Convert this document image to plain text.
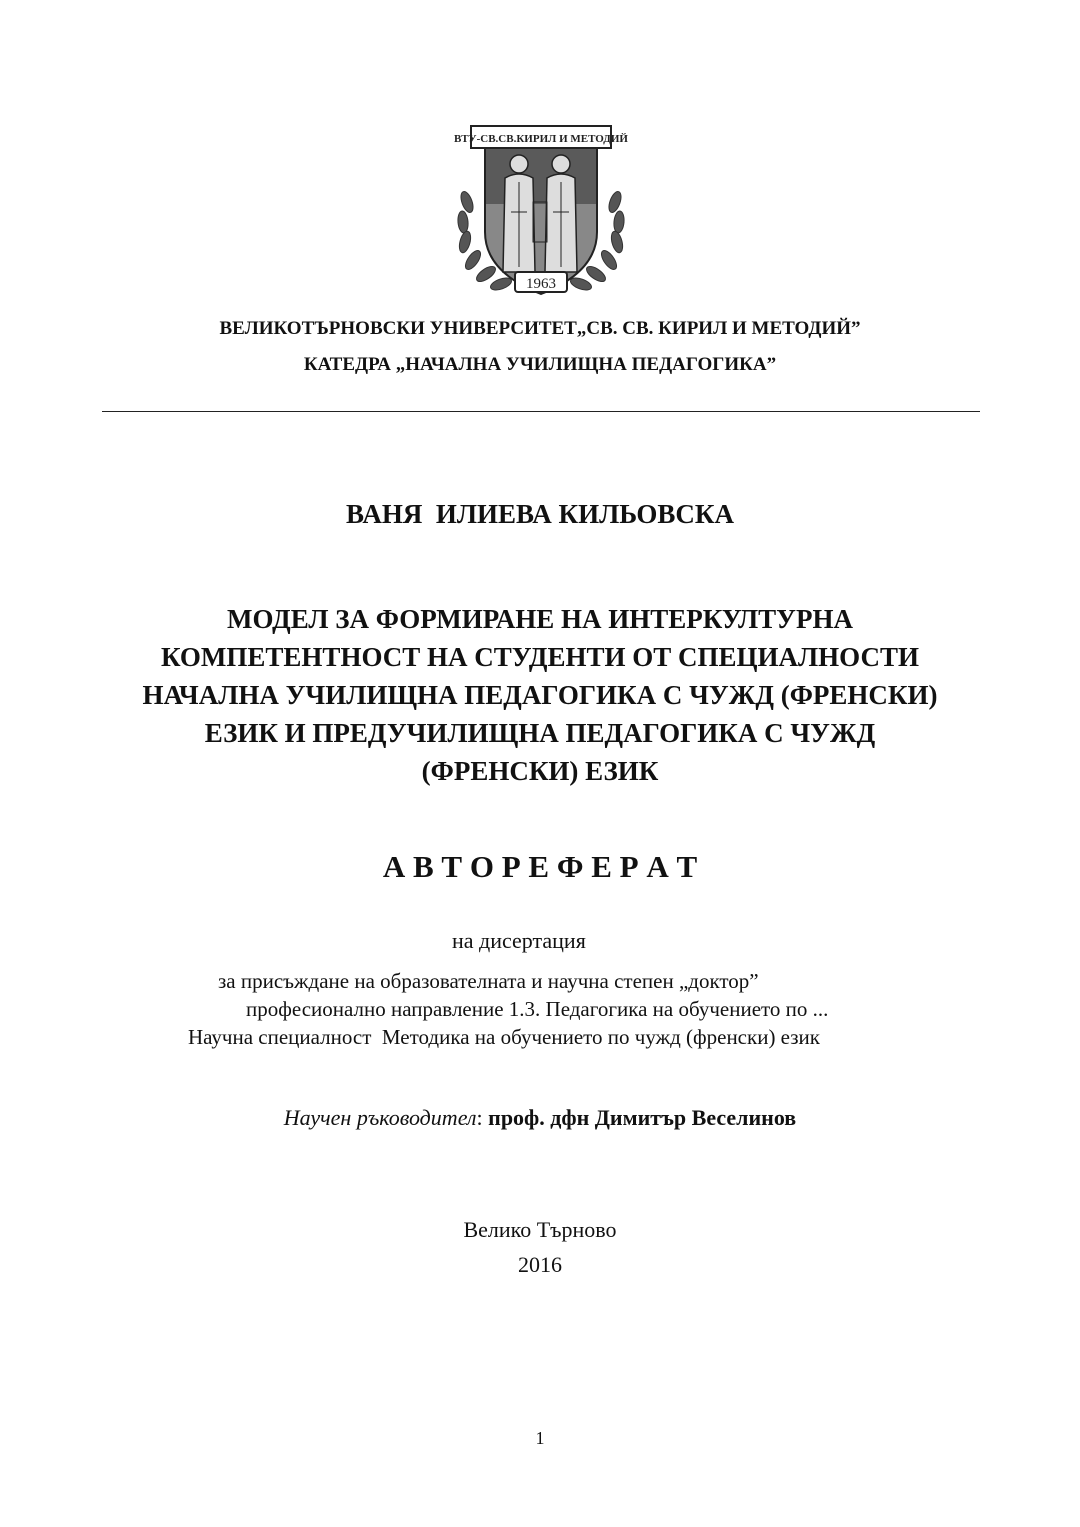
ВТУ-СВ.СВ.КИРИЛ И МЕТОДИЙ
1963
ВЕЛИКОТЪРНОВСКИ УНИВЕРСИТЕТ„СВ. СВ. КИРИЛ И МЕТОДИЙ”
КАТЕДРА „НАЧАЛНА УЧИЛИЩНА ПЕДАГОГИКА”
ВАНЯ  ИЛИЕВА КИЛЬОВСКА
МОДЕЛ ЗА ФОРМИРАНЕ НА ИНТЕРКУЛТУРНА
КОМПЕТЕНТНОСТ НА СТУДЕНТИ ОТ СПЕЦИАЛНОСТИ
НАЧАЛНА УЧИЛИЩНА ПЕДАГОГИКА С ЧУЖД (ФРЕНСКИ)
ЕЗИК И ПРЕДУЧИЛИЩНА ПЕДАГОГИКА С ЧУЖД
(ФРЕНСКИ) ЕЗИК
А В Т О Р Е Ф Е Р А Т
на дисертация
за присъждане на образователната и научна степен „доктор”
професионално направление 1.3. Педагогика на обучението по ...
Научна специалност  Методика на обучението по чужд (френски) език
Научен ръководител: проф. дфн Димитър Веселинов
Велико Търново
2016
1
